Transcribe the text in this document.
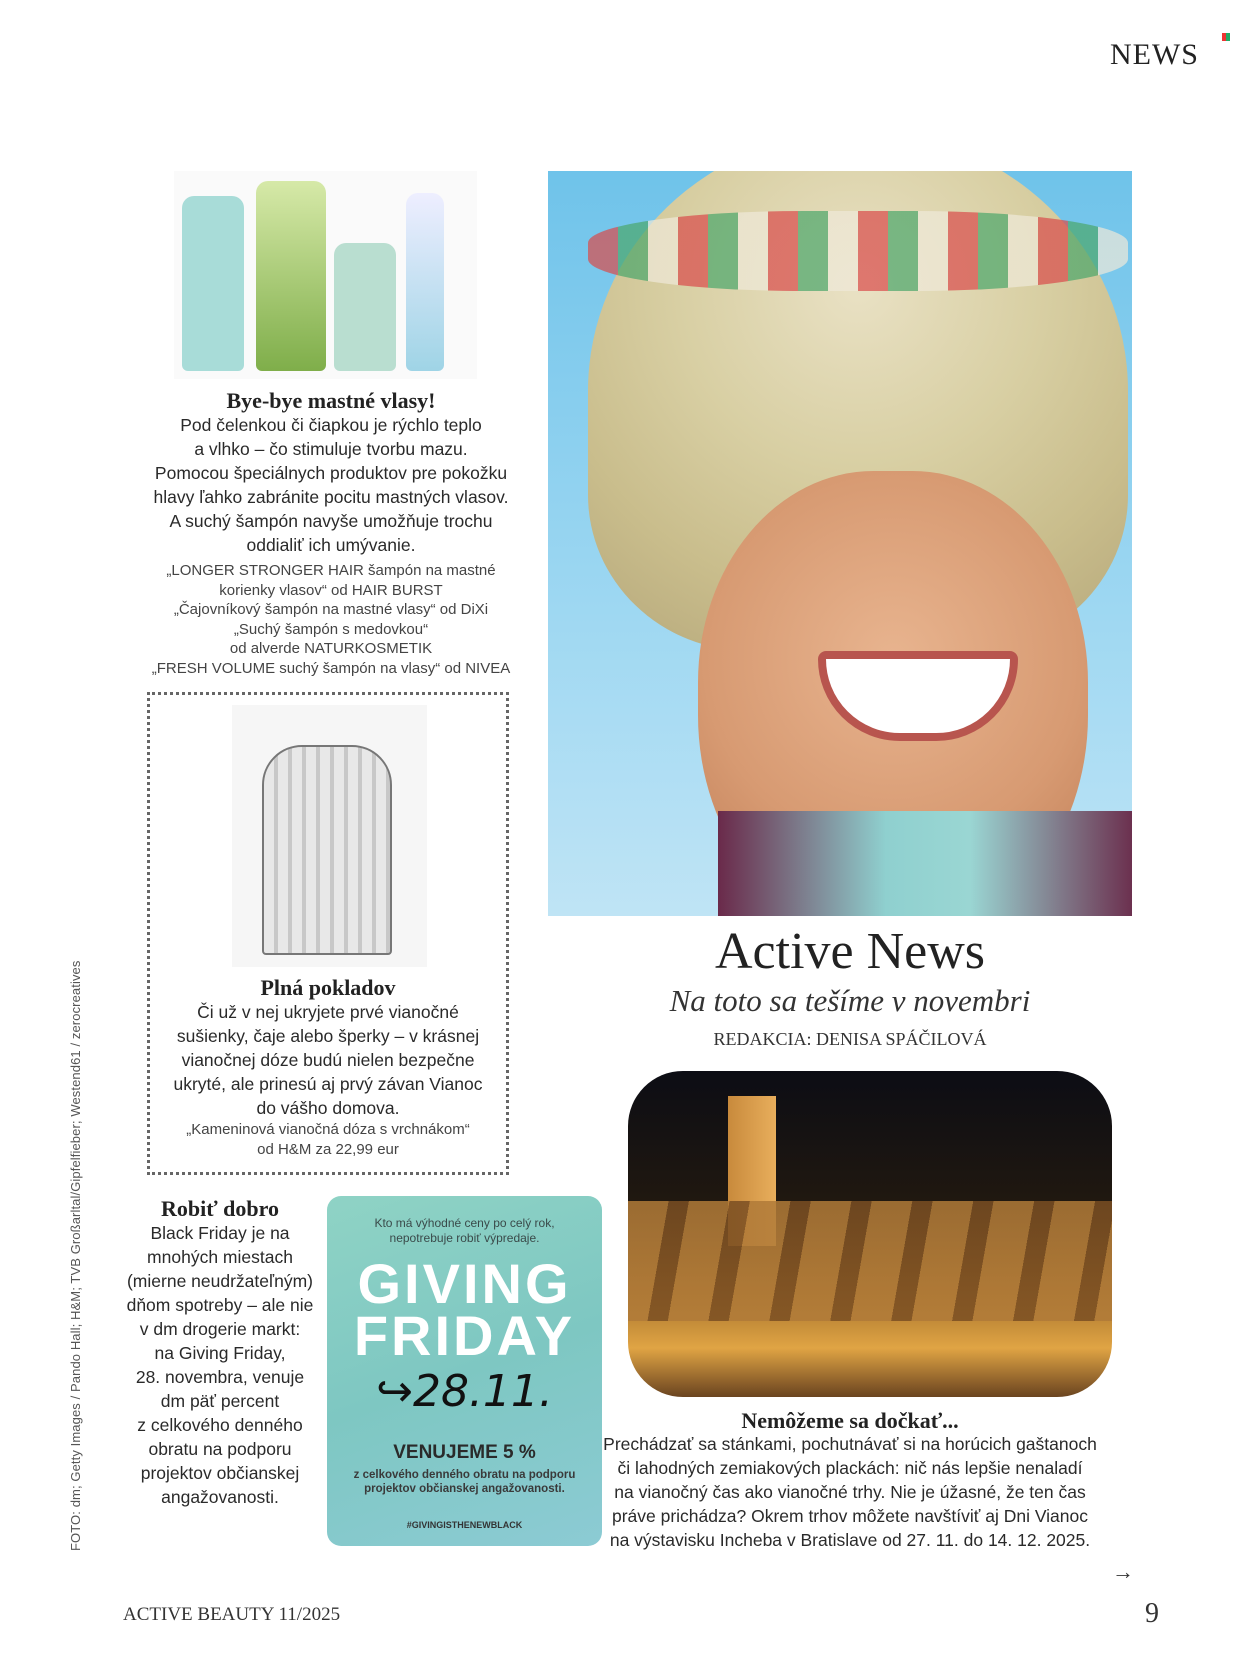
NEWS
Bye-bye mastné vlasy!
Pod čelenkou či čiapkou je rýchlo teplo
a vlhko – čo stimuluje tvorbu mazu.
Pomocou špeciálnych produktov pre pokožku
hlavy ľahko zabránite pocitu mastných vlasov.
A suchý šampón navyše umožňuje trochu
oddialiť ich umývanie.
„LONGER STRONGER HAIR šampón na mastné
korienky vlasov“ od HAIR BURST
„Čajovníkový šampón na mastné vlasy“ od DiXi
„Suchý šampón s medovkou“
od alverde NATURKOSMETIK
„FRESH VOLUME suchý šampón na vlasy“ od NIVEA
Plná pokladov
Či už v nej ukryjete prvé vianočné
sušienky, čaje alebo šperky – v krásnej
vianočnej dóze budú nielen bezpečne
ukryté, ale prinesú aj prvý závan Vianoc
do vášho domova.
„Kameninová vianočná dóza s vrchnákom“
od H&M za 22,99 eur
Robiť dobro
Black Friday je na
mnohých miestach
(mierne neudržateľným)
dňom spotreby – ale nie
v dm drogerie markt:
na Giving Friday,
28. novembra, venuje
dm päť percent
z celkového denného
obratu na podporu
projektov občianskej
angažovanosti.
Kto má výhodné ceny po celý rok,
nepotrebuje robiť výpredaje.
GIVING
FRIDAY
↪28.11.
VENUJEME 5 %
z celkového denného obratu na podporu
projektov občianskej angažovanosti.
#GIVINGISTHENEWBLACK
Active News
Na toto sa tešíme v novembri
REDAKCIA: DENISA SPÁČILOVÁ
Nemôžeme sa dočkať...
Prechádzať sa stánkami, pochutnávať si na horúcich gaštanoch
či lahodných zemiakových plackách: nič nás lepšie nenaladí
na vianočný čas ako vianočné trhy. Nie je úžasné, že ten čas
práve prichádza? Okrem trhov môžete navštíviť aj Dni Vianoc
na výstavisku Incheba v Bratislave od 27. 11. do 14. 12. 2025.
→
FOTO: dm; Getty Images / Pando Hall; H&M; TVB Großarltal/Gipfelfieber; Westend61 / zerocreatives
ACTIVE BEAUTY 11/2025	9
